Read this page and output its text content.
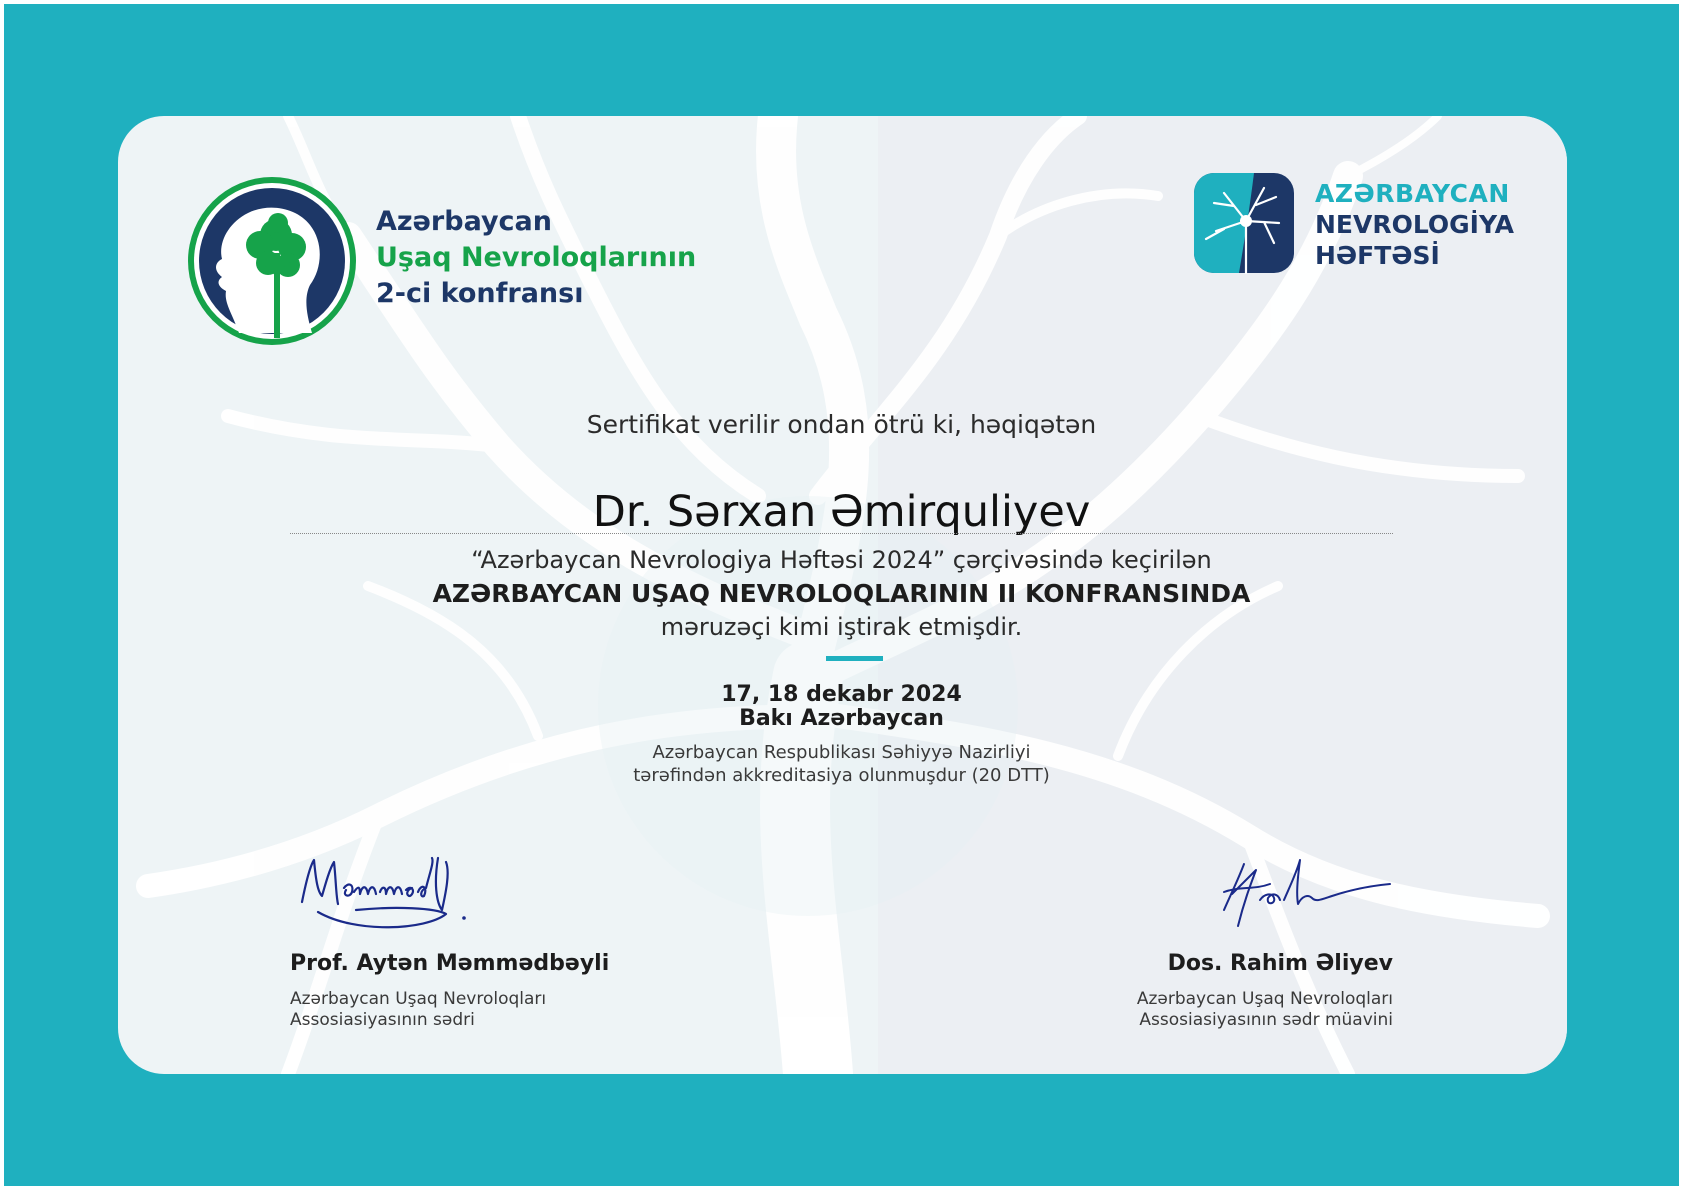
Azərbaycan
Uşaq Nevroloqlarının
2-ci konfransı
AZƏRBAYCAN
NEVROLOGİYA
HƏFTƏSİ
Sertifikat verilir ondan ötrü ki, həqiqətən
Dr. Sərxan Əmirquliyev
“Azərbaycan Nevrologiya Həftəsi 2024” çərçivəsində keçirilən
AZƏRBAYCAN UŞAQ NEVROLOQLARININ II KONFRANSINDA
məruzəçi kimi iştirak etmişdir.
17, 18 dekabr 2024
Bakı Azərbaycan
Azərbaycan Respublikası Səhiyyə Nazirliyi
tərəfindən akkreditasiya olunmuşdur (20 DTT)
Prof. Aytən Məmmədbəyli
Azərbaycan Uşaq Nevroloqları
Assosiasiyasının sədri
Dos. Rahim Əliyev
Azərbaycan Uşaq Nevroloqları
Assosiasiyasının sədr müavini
